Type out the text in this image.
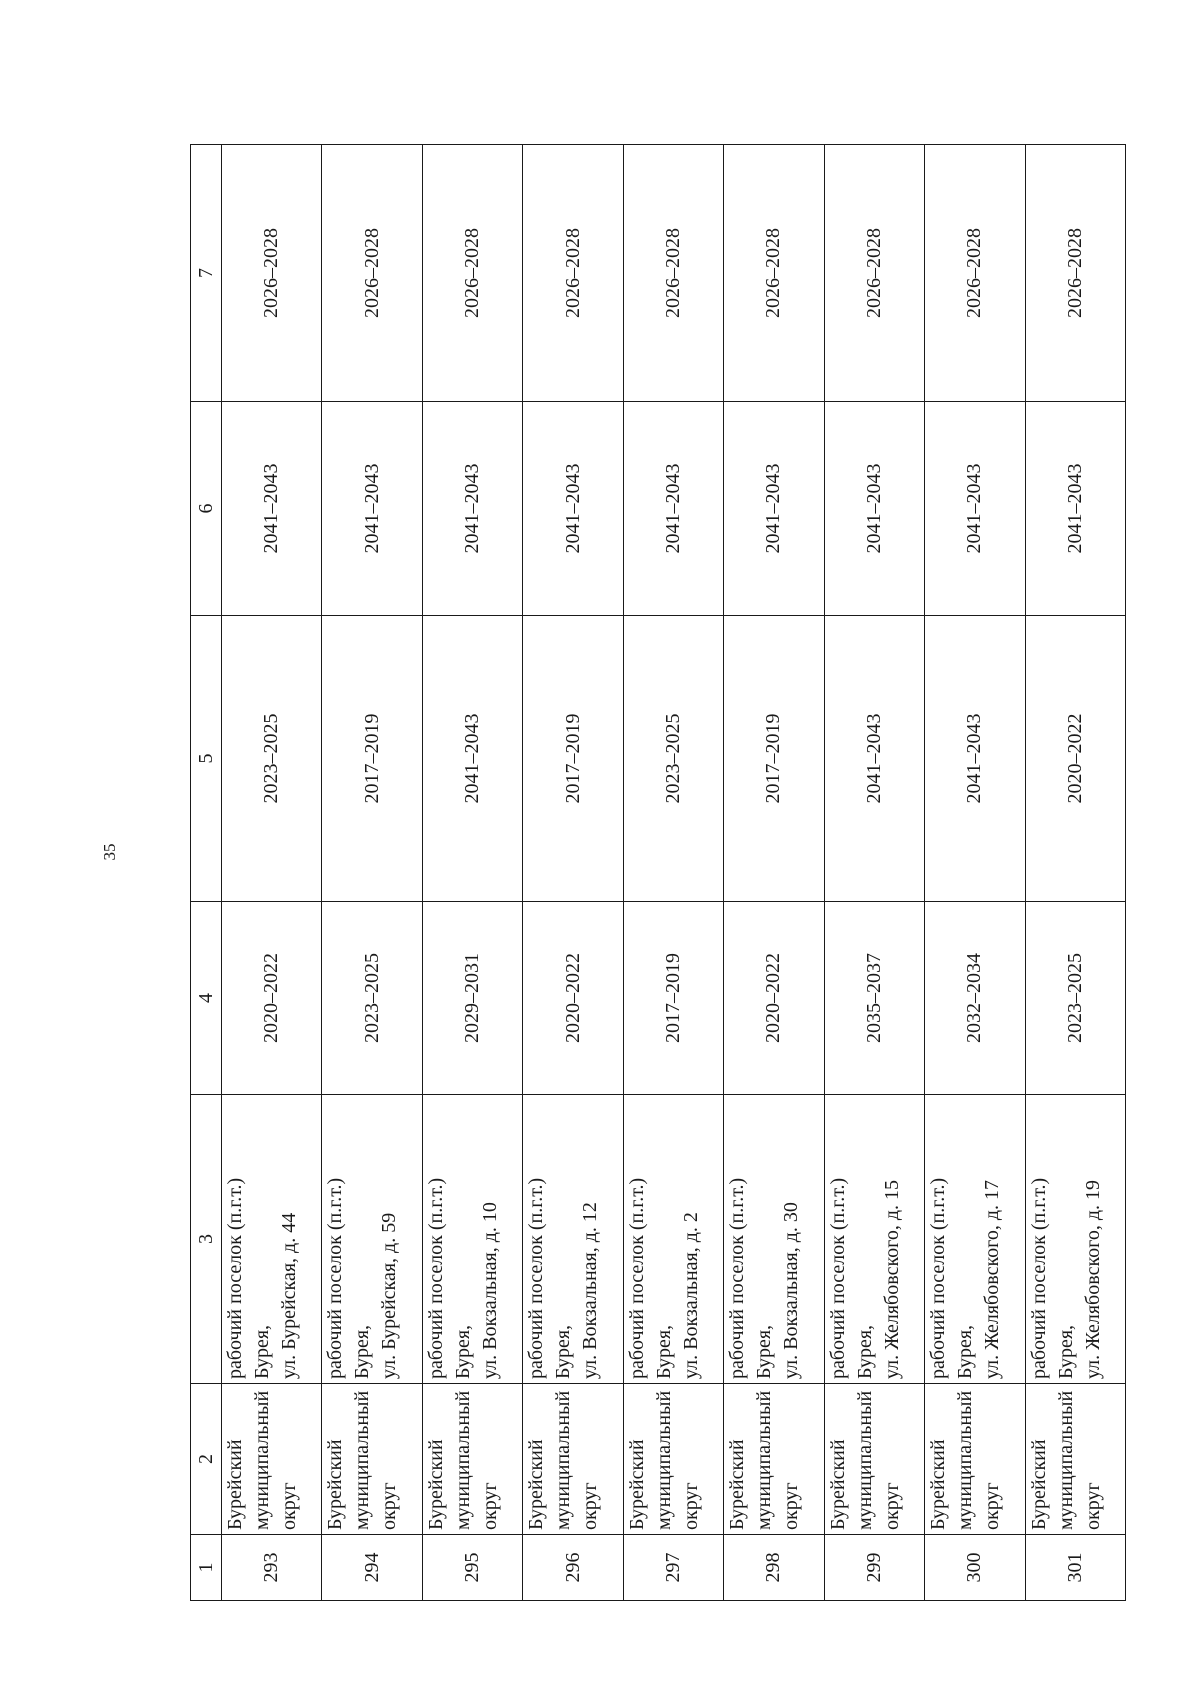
35
1	2	3	4	5	6	7
293	Бурейский муниципальный округ	рабочий поселок (п.г.т.) Бурея, ул. Бурейская, д. 44	2020–2022	2023–2025	2041–2043	2026–2028
294	Бурейский муниципальный округ	рабочий поселок (п.г.т.) Бурея, ул. Бурейская, д. 59	2023–2025	2017–2019	2041–2043	2026–2028
295	Бурейский муниципальный округ	рабочий поселок (п.г.т.) Бурея, ул. Вокзальная, д. 10	2029–2031	2041–2043	2041–2043	2026–2028
296	Бурейский муниципальный округ	рабочий поселок (п.г.т.) Бурея, ул. Вокзальная, д. 12	2020–2022	2017–2019	2041–2043	2026–2028
297	Бурейский муниципальный округ	рабочий поселок (п.г.т.) Бурея, ул. Вокзальная, д. 2	2017–2019	2023–2025	2041–2043	2026–2028
298	Бурейский муниципальный округ	рабочий поселок (п.г.т.) Бурея, ул. Вокзальная, д. 30	2020–2022	2017–2019	2041–2043	2026–2028
299	Бурейский муниципальный округ	рабочий поселок (п.г.т.) Бурея, ул. Желябовского, д. 15	2035–2037	2041–2043	2041–2043	2026–2028
300	Бурейский муниципальный округ	рабочий поселок (п.г.т.) Бурея, ул. Желябовского, д. 17	2032–2034	2041–2043	2041–2043	2026–2028
301	Бурейский муниципальный округ	рабочий поселок (п.г.т.) Бурея, ул. Желябовского, д. 19	2023–2025	2020–2022	2041–2043	2026–2028
